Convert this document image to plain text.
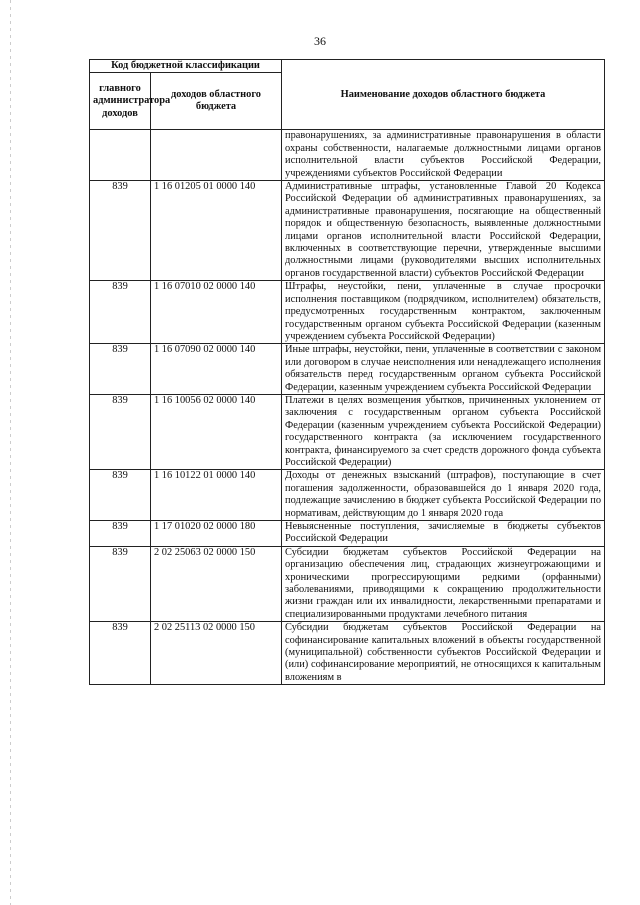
36
Код бюджетной классификации		Наименование доходов областного бюджета
главного администратора доходов	доходов областного бюджета	
		правонарушениях, за административные правонарушения в области охраны собственности, налагаемые должностными лицами органов исполнительной власти субъектов Российской Федерации, учреждениями субъектов Российской Федерации
839	1 16 01205 01 0000 140	Административные штрафы, установленные Главой 20 Кодекса Российской Федерации об административных правонарушениях, за административные правонарушения, посягающие на общественный порядок и общественную безопасность, выявленные должностными лицами органов исполнительной власти Российской Федерации, включенных в соответствующие перечни, утвержденные высшими должностными лицами (руководителями высших исполнительных органов государственной власти) субъектов Российской Федерации
839	1 16 07010 02 0000 140	Штрафы, неустойки, пени, уплаченные в случае просрочки исполнения поставщиком (подрядчиком, исполнителем) обязательств, предусмотренных государственным контрактом, заключенным государственным органом субъекта Российской Федерации (казенным учреждением субъекта Российской Федерации)
839	1 16 07090 02 0000 140	Иные штрафы, неустойки, пени, уплаченные в соответствии с законом или договором в случае неисполнения или ненадлежащего исполнения обязательств перед государственным органом субъекта Российской Федерации, казенным учреждением субъекта Российской Федерации
839	1 16 10056 02 0000 140	Платежи в целях возмещения убытков, причиненных уклонением от заключения с государственным органом субъекта Российской Федерации (казенным учреждением субъекта Российской Федерации) государственного контракта (за исключением государственного контракта, финансируемого за счет средств дорожного фонда субъекта Российской Федерации)
839	1 16 10122 01 0000 140	Доходы от денежных взысканий (штрафов), поступающие в счет погашения задолженности, образовавшейся до 1 января 2020 года, подлежащие зачислению в бюджет субъекта Российской Федерации по нормативам, действующим до 1 января 2020 года
839	1 17 01020 02 0000 180	Невыясненные поступления, зачисляемые в бюджеты субъектов Российской Федерации
839	2 02 25063 02 0000 150	Субсидии бюджетам субъектов Российской Федерации на организацию обеспечения лиц, страдающих жизнеугрожающими и хроническими прогрессирующими редкими (орфанными) заболеваниями, приводящими к сокращению продолжительности жизни граждан или их инвалидности, лекарственными препаратами и специализированными продуктами лечебного питания
839	2 02 25113 02 0000 150	Субсидии бюджетам субъектов Российской Федерации на софинансирование капитальных вложений в объекты государственной (муниципальной) собственности субъектов Российской Федерации и (или) софинансирование мероприятий, не относящихся к капитальным вложениям в
